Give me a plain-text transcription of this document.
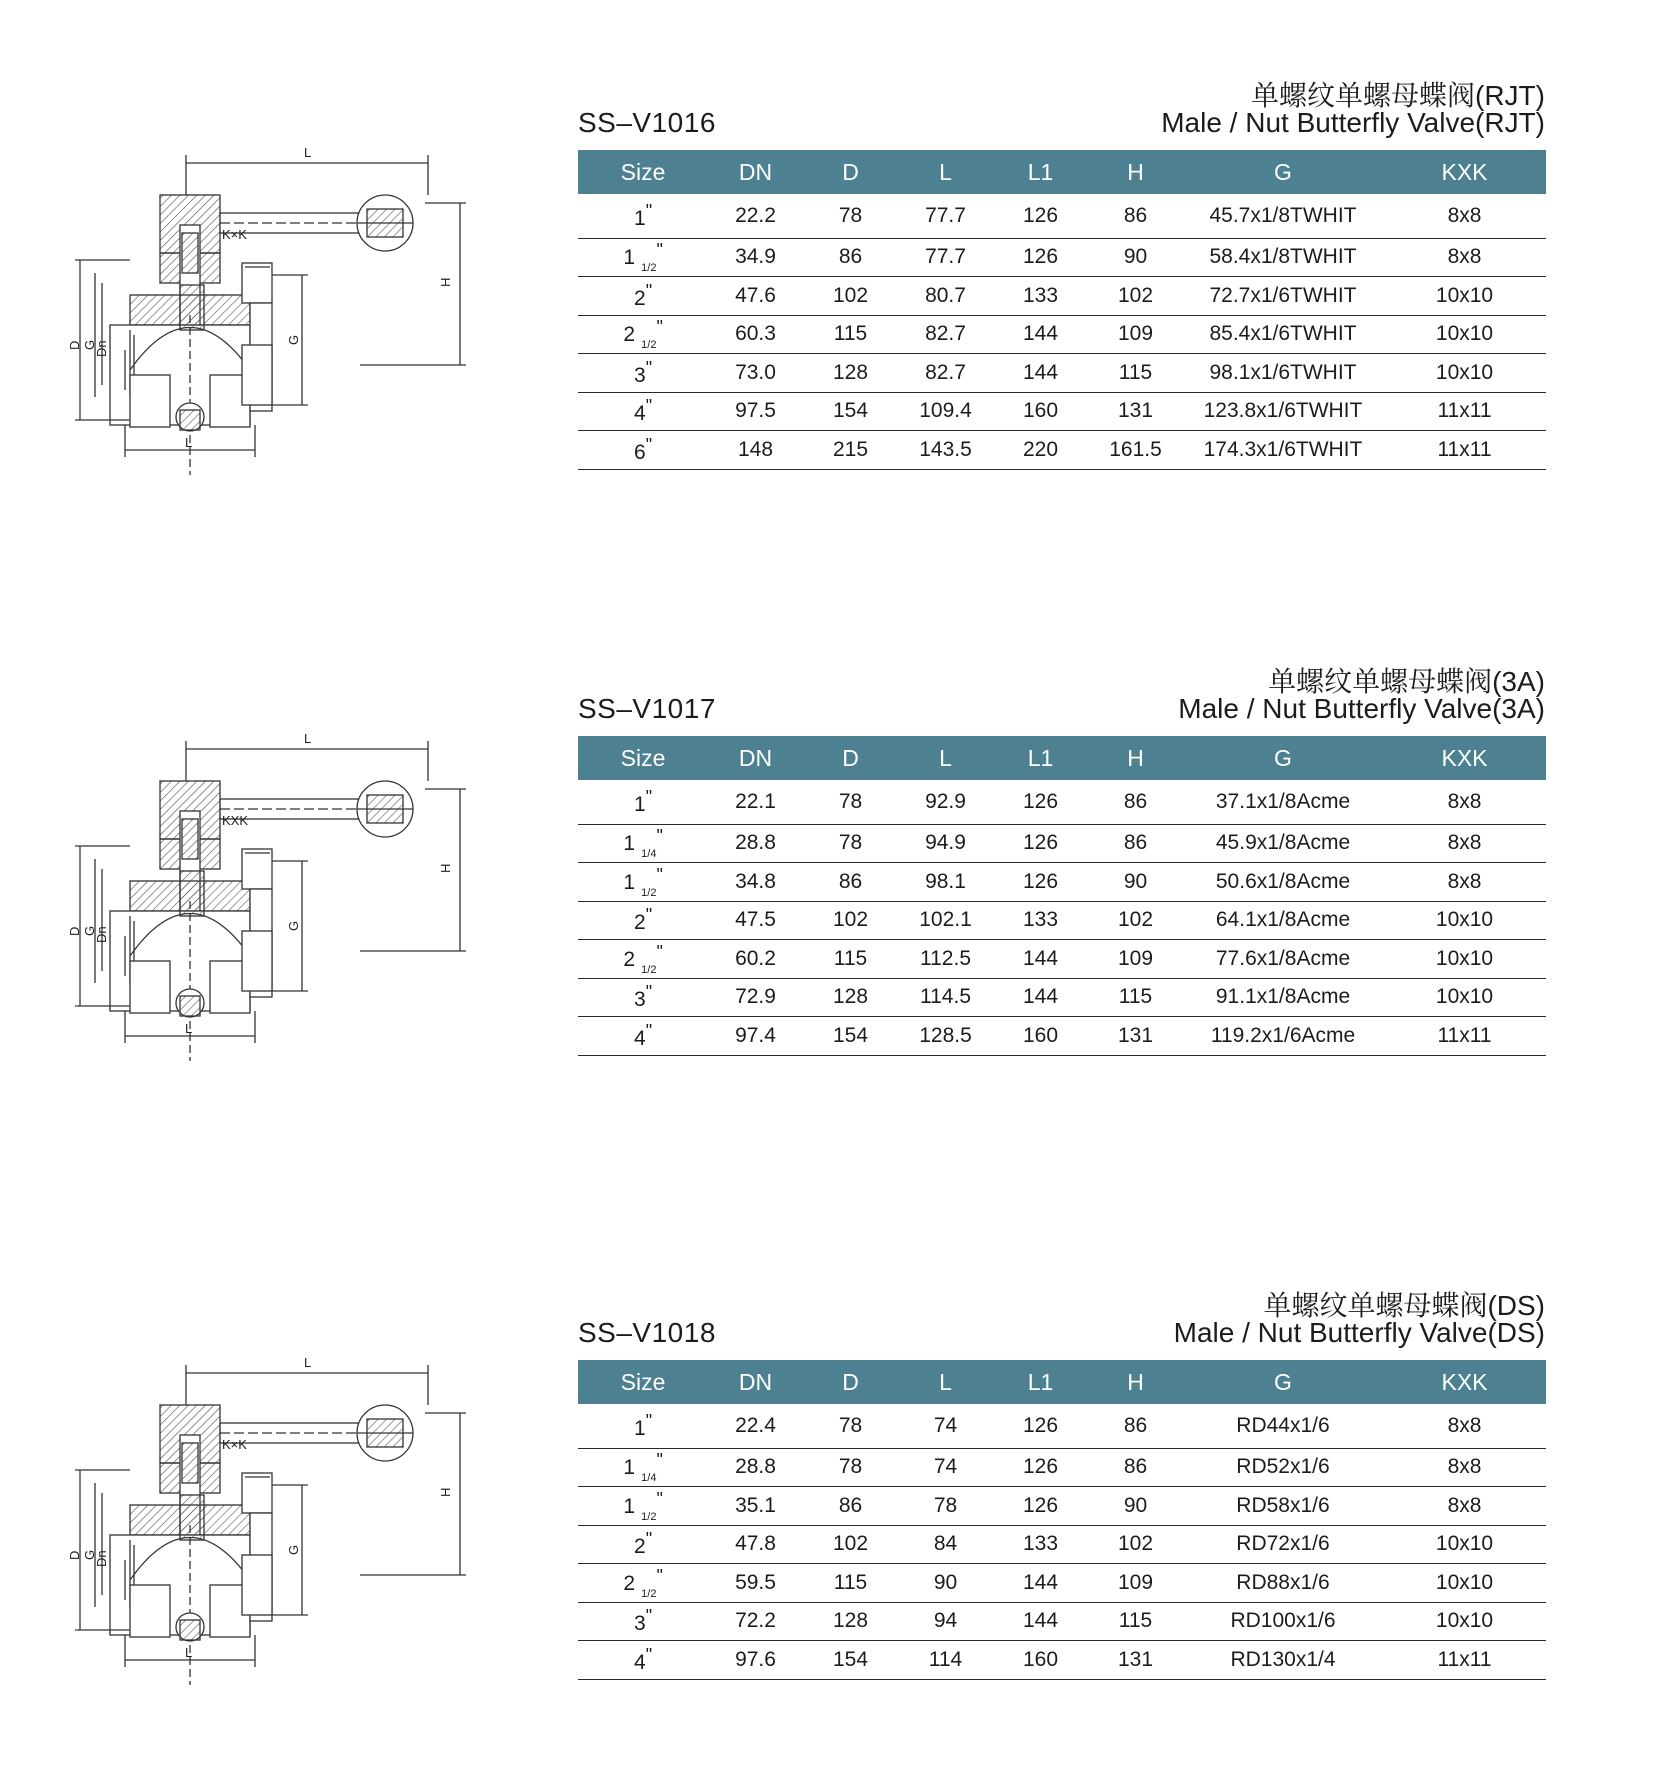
L
H
K×K
D G
Dn
G
L
SS–V1016
单螺纹单螺母蝶阀(RJT)
Male / Nut Butterfly Valve(RJT)
Size	DN	D	L	L1	H	G	KXK
1"	22.2	78	77.7	126	86	45.7x1/8TWHIT	8x8
1 $_{1/2}$"	34.9	86	77.7	126	90	58.4x1/8TWHIT	8x8
2"	47.6	102	80.7	133	102	72.7x1/6TWHIT	10x10
2 $_{1/2}$"	60.3	115	82.7	144	109	85.4x1/6TWHIT	10x10
3"	73.0	128	82.7	144	115	98.1x1/6TWHIT	10x10
4"	97.5	154	109.4	160	131	123.8x1/6TWHIT	11x11
6"	148	215	143.5	220	161.5	174.3x1/6TWHIT	11x11
L
H
KXK
D G
Dn
G
L
SS–V1017
单螺纹单螺母蝶阀(3A)
Male / Nut Butterfly Valve(3A)
Size	DN	D	L	L1	H	G	KXK
1"	22.1	78	92.9	126	86	37.1x1/8Acme	8x8
1 $_{1/4}$"	28.8	78	94.9	126	86	45.9x1/8Acme	8x8
1 $_{1/2}$"	34.8	86	98.1	126	90	50.6x1/8Acme	8x8
2"	47.5	102	102.1	133	102	64.1x1/8Acme	10x10
2 $_{1/2}$"	60.2	115	112.5	144	109	77.6x1/8Acme	10x10
3"	72.9	128	114.5	144	115	91.1x1/8Acme	10x10
4"	97.4	154	128.5	160	131	119.2x1/6Acme	11x11
L
H
K×K
D G
Dn
G
L
SS–V1018
单螺纹单螺母蝶阀(DS)
Male / Nut Butterfly Valve(DS)
Size	DN	D	L	L1	H	G	KXK
1"	22.4	78	74	126	86	RD44x1/6	8x8
1 $_{1/4}$"	28.8	78	74	126	86	RD52x1/6	8x8
1 $_{1/2}$"	35.1	86	78	126	90	RD58x1/6	8x8
2"	47.8	102	84	133	102	RD72x1/6	10x10
2 $_{1/2}$"	59.5	115	90	144	109	RD88x1/6	10x10
3"	72.2	128	94	144	115	RD100x1/6	10x10
4"	97.6	154	114	160	131	RD130x1/4	11x11
